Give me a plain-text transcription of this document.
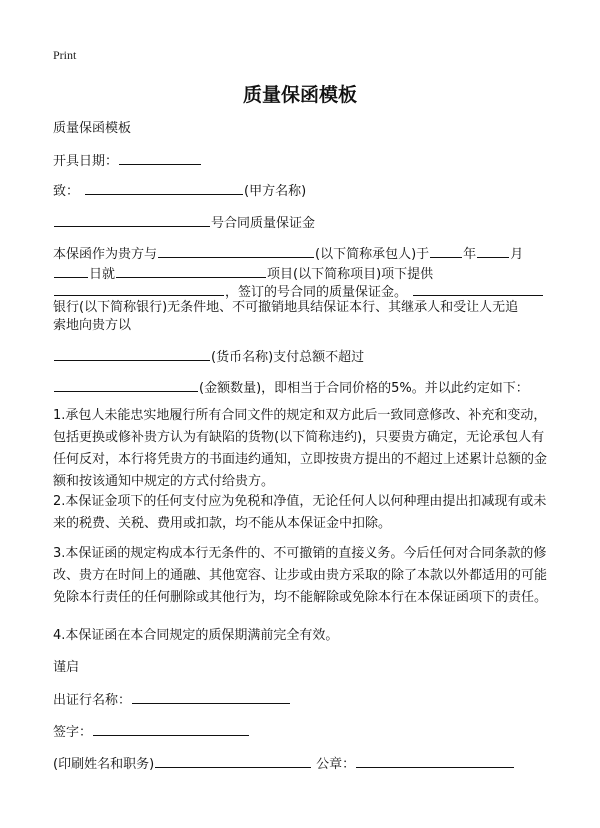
Print
质量保函模板
质量保函模板
开具日期：
致：	(甲方名称)
号合同质量保证金
本保函作为贵方与	(以下简称承包人)于	年	月
日就	项目(以下简称项目)项下提供
，签订的号合同的质量保证金。
银行(以下简称银行)无条件地、不可撤销地具结保证本行、其继承人和受让人无追
索地向贵方以
(货币名称)支付总额不超过
(金额数量)，即相当于合同价格的5%。并以此约定如下：

1.承包人未能忠实地履行所有合同文件的规定和双方此后一致同意修改、补充和变动，包括更换或修补贵方认为有缺陷的货物(以下简称违约)，只要贵方确定，无论承包人有任何反对，本行将凭贵方的书面违约通知，立即按贵方提出的不超过上述累计总额的金额和按该通知中规定的方式付给贵方。

2.本保证金项下的任何支付应为免税和净值，无论任何人以何种理由提出扣减现有或未来的税费、关税、费用或扣款，均不能从本保证金中扣除。

3.本保证函的规定构成本行无条件的、不可撤销的直接义务。今后任何对合同条款的修改、贵方在时间上的通融、其他宽容、让步或由贵方采取的除了本款以外都适用的可能免除本行责任的任何删除或其他行为，均不能解除或免除本行在本保证函项下的责任。

4.本保证函在本合同规定的质保期满前完全有效。

谨启
出证行名称：
签字：
(印刷姓名和职务)	公章：
